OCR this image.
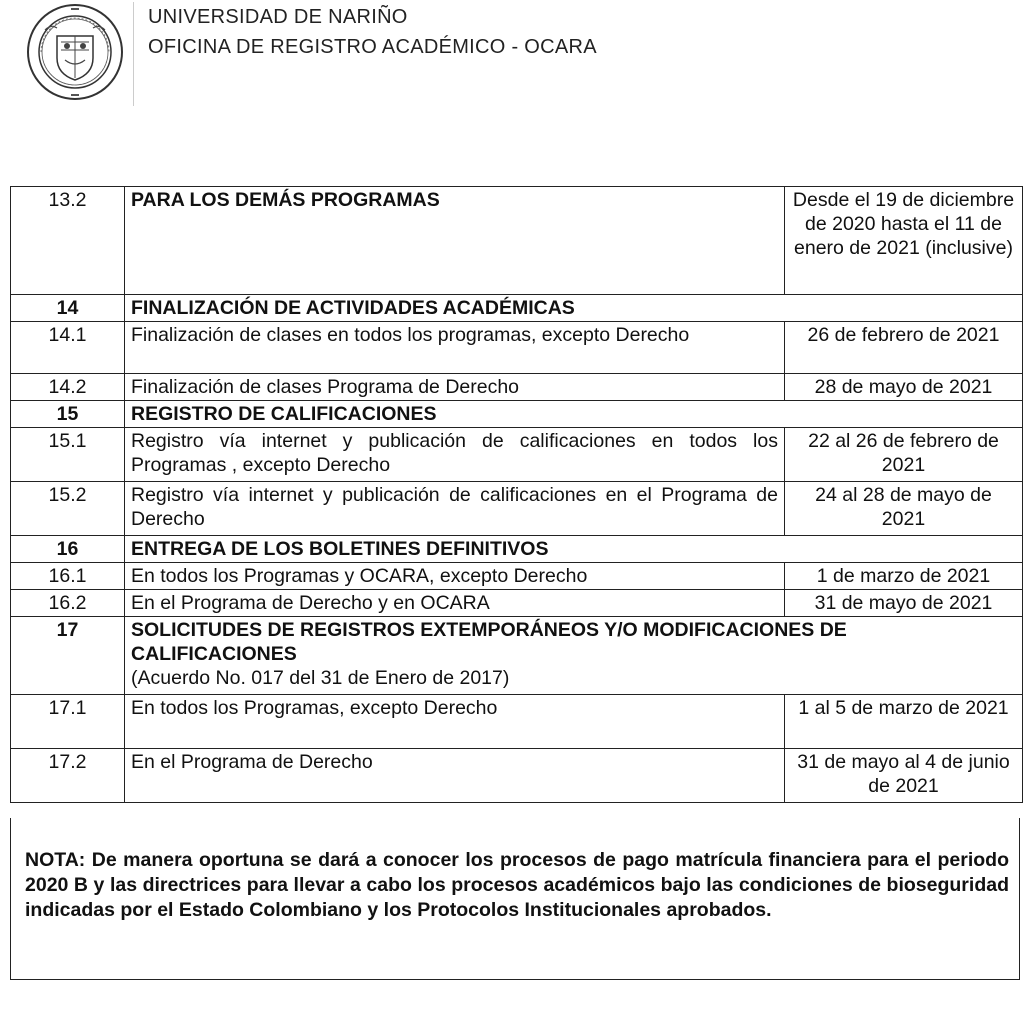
UNIVERSIDAD DE NARIÑO
OFICINA DE REGISTRO ACADÉMICO - OCARA
13.2	PARA LOS DEMÁS PROGRAMAS	Desde el 19 de diciembre de 2020 hasta el 11 de enero de 2021 (inclusive)
14	FINALIZACIÓN DE ACTIVIDADES ACADÉMICAS	
14.1	Finalización de clases en todos los programas, excepto Derecho	26 de febrero de 2021
14.2	Finalización de clases Programa de Derecho	28 de mayo de 2021
15	REGISTRO DE CALIFICACIONES	
15.1	Registro vía internet y publicación de calificaciones en todos los Programas , excepto Derecho	22 al 26 de febrero de 2021
15.2	Registro vía internet y publicación de calificaciones en el Programa de Derecho	24 al 28 de mayo de 2021
16	ENTREGA DE LOS BOLETINES DEFINITIVOS	
16.1	En todos los Programas y OCARA, excepto Derecho	1 de marzo de 2021
16.2	En el Programa de Derecho y en OCARA	31 de mayo de 2021
17	SOLICITUDES DE REGISTROS EXTEMPORÁNEOS Y/O MODIFICACIONES DE CALIFICACIONES
(Acuerdo No. 017 del 31 de Enero de 2017)	

17.1	En todos los Programas, excepto Derecho	1 al 5 de marzo de 2021
17.2	En el Programa de Derecho	31 de mayo al 4 de junio de 2021
NOTA: De manera oportuna se dará a conocer los procesos de pago matrícula financiera para el periodo 2020 B y las directrices para llevar a cabo los procesos académicos bajo las condiciones de bioseguridad indicadas por el Estado Colombiano y los Protocolos Institucionales aprobados.
